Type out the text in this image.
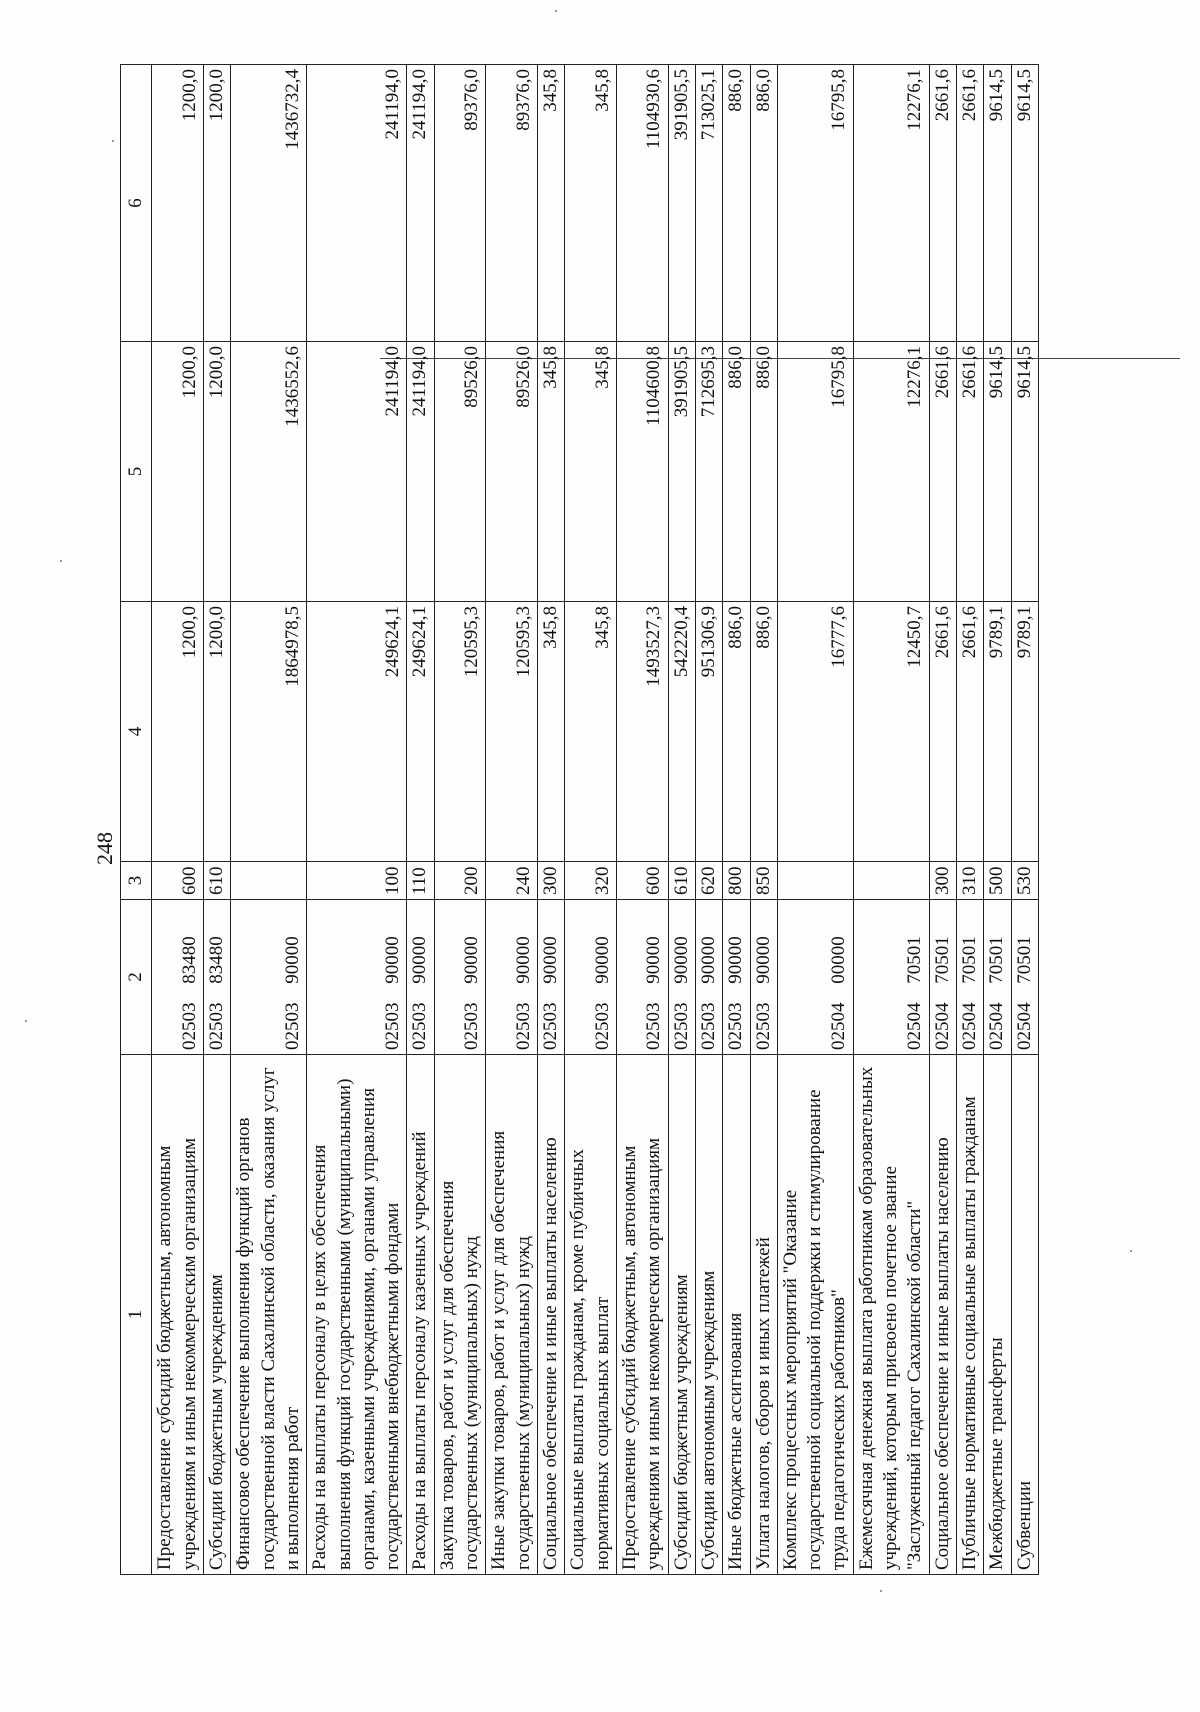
248
1	2	3	4	5	6
Предоставление субсидий бюджетным, автономным учреждениям и иным некоммерческим организациям	02503 83480	600	1200,0	1200,0	1200,0
Субсидии бюджетным учреждениям	02503 83480	610	1200,0	1200,0	1200,0
Финансовое обеспечение выполнения функций органов государственной власти Сахалинской области, оказания услуг и выполнения работ	02503 90000		1864978,5	1436552,6	1436732,4
Расходы на выплаты персоналу в целях обеспечения выполнения функций государственными (муниципальными) органами, казенными учреждениями, органами управления государственными внебюджетными фондами	02503 90000	100	249624,1	241194,0	241194,0
Расходы на выплаты персоналу казенных учреждений	02503 90000	110	249624,1	241194,0	241194,0
Закупка товаров, работ и услуг для обеспечения государственных (муниципальных) нужд	02503 90000	200	120595,3	89526,0	89376,0
Иные закупки товаров, работ и услуг для обеспечения государственных (муниципальных) нужд	02503 90000	240	120595,3	89526,0	89376,0
Социальное обеспечение и иные выплаты населению	02503 90000	300	345,8	345,8	345,8
Социальные выплаты гражданам, кроме публичных нормативных социальных выплат	02503 90000	320	345,8	345,8	345,8
Предоставление субсидий бюджетным, автономным учреждениям и иным некоммерческим организациям	02503 90000	600	1493527,3	1104600,8	1104930,6
Субсидии бюджетным учреждениям	02503 90000	610	542220,4	391905,5	391905,5
Субсидии автономным учреждениям	02503 90000	620	951306,9	712695,3	713025,1
Иные бюджетные ассигнования	02503 90000	800	886,0	886,0	886,0
Уплата налогов, сборов и иных платежей	02503 90000	850	886,0	886,0	886,0
Комплекс процессных мероприятий "Оказание государственной социальной поддержки и стимулирование труда педагогических работников"	02504 00000		16777,6	16795,8	16795,8
Ежемесячная денежная выплата работникам образовательных учреждений, которым присвоено почетное звание "Заслуженный педагог Сахалинской области"	02504 70501		12450,7	12276,1	12276,1
Социальное обеспечение и иные выплаты населению	02504 70501	300	2661,6	2661,6	2661,6
Публичные нормативные социальные выплаты гражданам	02504 70501	310	2661,6	2661,6	2661,6
Межбюджетные трансферты	02504 70501	500	9789,1	9614,5	9614,5
Субвенции	02504 70501	530	9789,1	9614,5	9614,5
